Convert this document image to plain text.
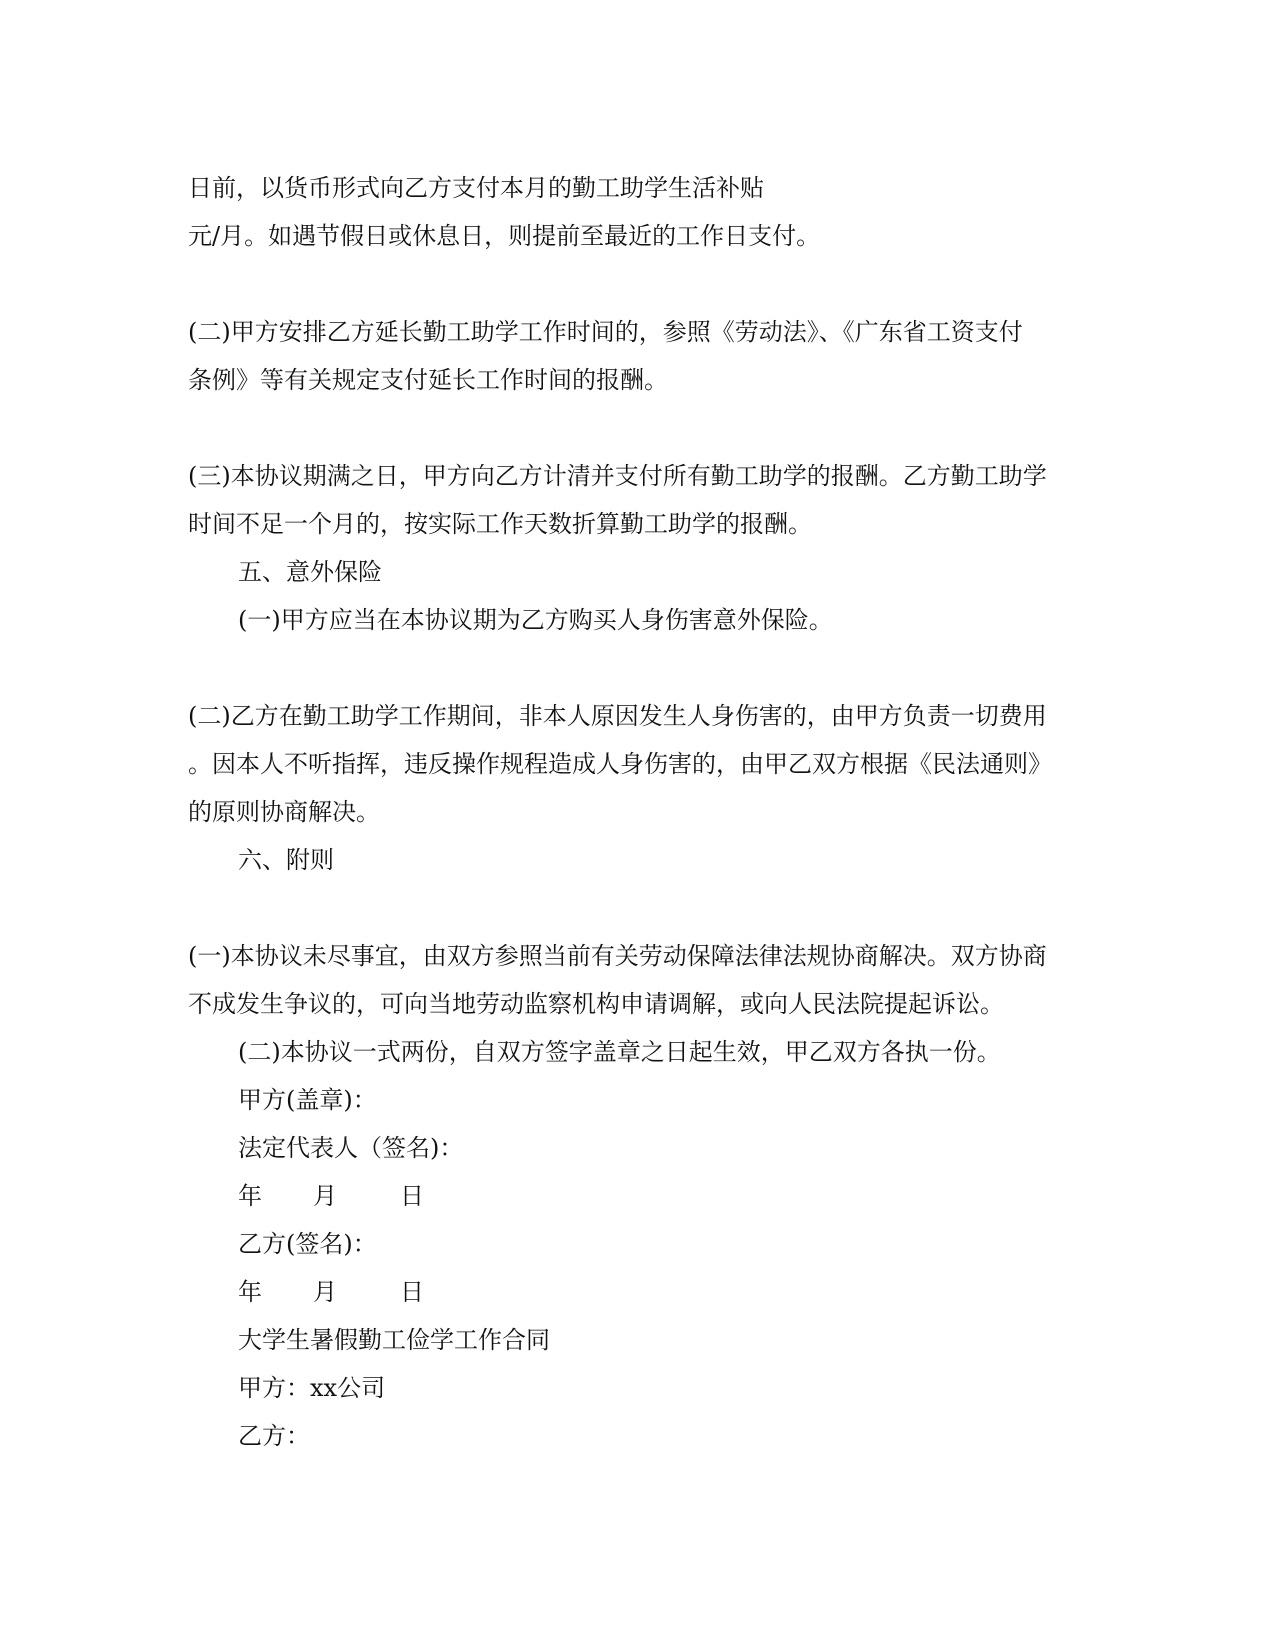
日前，以货币形式向乙方支付本月的勤工助学生活补贴
元/月。如遇节假日或休息日，则提前至最近的工作日支付。
(二)甲方安排乙方延长勤工助学工作时间的，参照《劳动法》、《广东省工资支付
条例》等有关规定支付延长工作时间的报酬。
(三)本协议期满之日，甲方向乙方计清并支付所有勤工助学的报酬。乙方勤工助学
时间不足一个月的，按实际工作天数折算勤工助学的报酬。
五、意外保险
(一)甲方应当在本协议期为乙方购买人身伤害意外保险。
(二)乙方在勤工助学工作期间，非本人原因发生人身伤害的，由甲方负责一切费用
。因本人不听指挥，违反操作规程造成人身伤害的，由甲乙双方根据《民法通则》
的原则协商解决。
六、附则
(一)本协议未尽事宜，由双方参照当前有关劳动保障法律法规协商解决。双方协商
不成发生争议的，可向当地劳动监察机构申请调解，或向人民法院提起诉讼。
(二)本协议一式两份，自双方签字盖章之日起生效，甲乙双方各执一份。
甲方(盖章)：
法定代表人（签名)：
年	月	日
乙方(签名)：
年	月	日
大学生暑假勤工俭学工作合同
甲方：xx公司
乙方：
